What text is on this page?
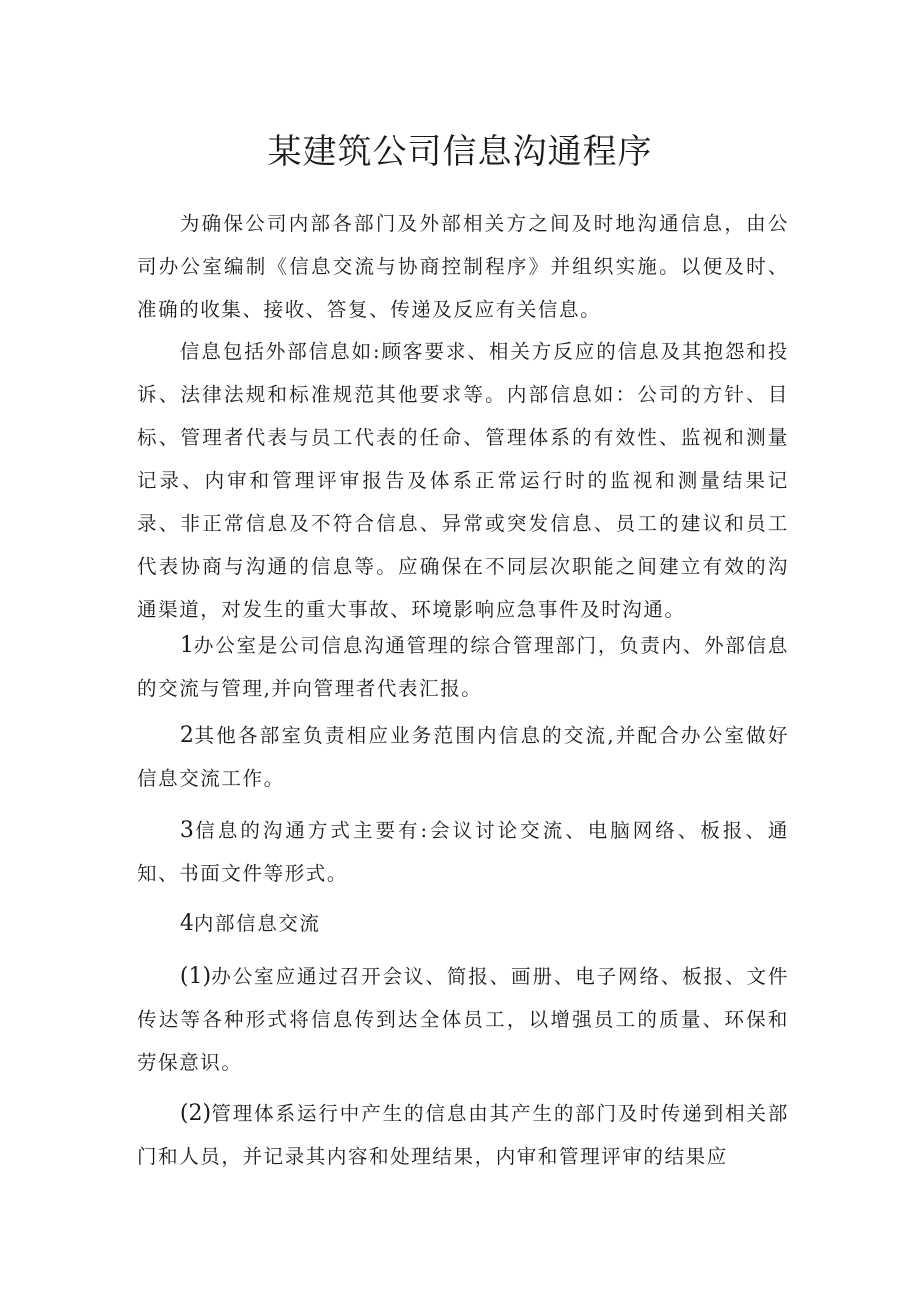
某建筑公司信息沟通程序

为确保公司内部各部门及外部相关方之间及时地沟通信息，由公司办公室编制《信息交流与协商控制程序》并组织实施。以便及时、准确的收集、接收、答复、传递及反应有关信息。

信息包括外部信息如:顾客要求、相关方反应的信息及其抱怨和投诉、法律法规和标准规范其他要求等。内部信息如：公司的方针、目标、管理者代表与员工代表的任命、管理体系的有效性、监视和测量记录、内审和管理评审报告及体系正常运行时的监视和测量结果记录、非正常信息及不符合信息、异常或突发信息、员工的建议和员工代表协商与沟通的信息等。应确保在不同层次职能之间建立有效的沟通渠道，对发生的重大事故、环境影响应急事件及时沟通。

1办公室是公司信息沟通管理的综合管理部门，负责内、外部信息的交流与管理,并向管理者代表汇报。

2其他各部室负责相应业务范围内信息的交流,并配合办公室做好信息交流工作。

3信息的沟通方式主要有:会议讨论交流、电脑网络、板报、通知、书面文件等形式。

4内部信息交流

(1)办公室应通过召开会议、简报、画册、电子网络、板报、文件传达等各种形式将信息传到达全体员工，以增强员工的质量、环保和劳保意识。

(2)管理体系运行中产生的信息由其产生的部门及时传递到相关部门和人员，并记录其内容和处理结果，内审和管理评审的结果应
